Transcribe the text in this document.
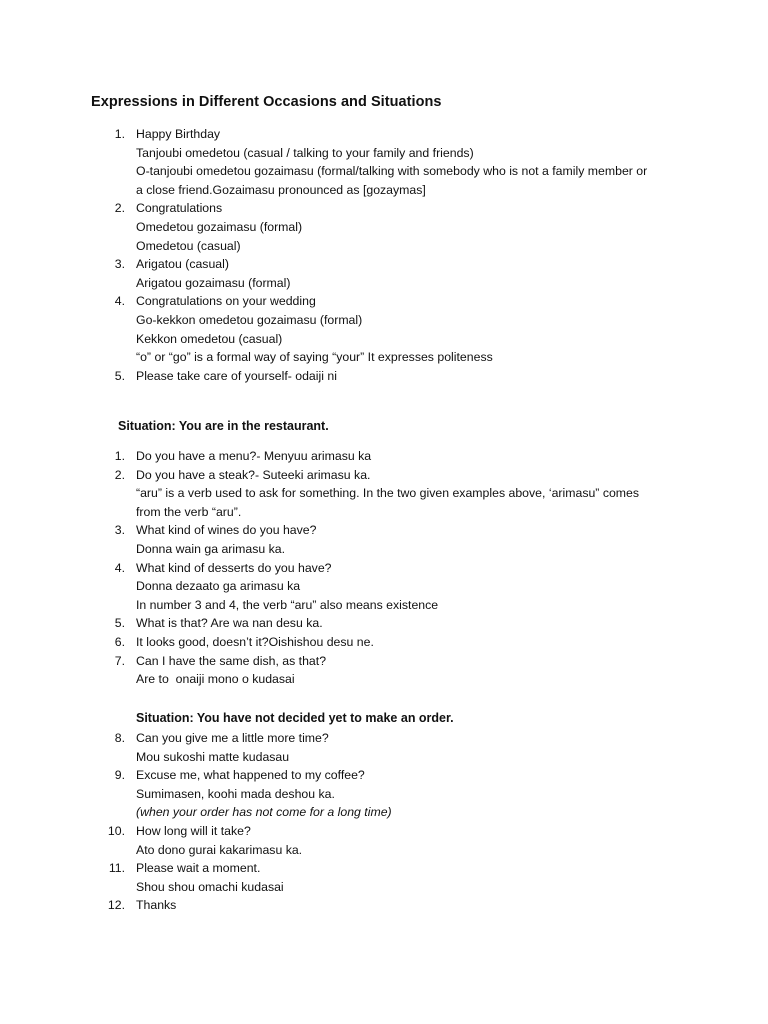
Expressions in Different Occasions and Situations
1. Happy Birthday
Tanjoubi omedetou (casual / talking to your family and friends)
O-tanjoubi omedetou gozaimasu (formal/talking with somebody who is not a family member or
a close friend.Gozaimasu pronounced as [gozaymas]
2. Congratulations
Omedetou gozaimasu (formal)
Omedetou (casual)
3. Arigatou (casual)
Arigatou gozaimasu (formal)
4. Congratulations on your wedding
Go-kekkon omedetou gozaimasu (formal)
Kekkon omedetou (casual)
“o” or “go” is a formal way of saying “your” It expresses politeness
5. Please take care of yourself- odaiji ni
Situation: You are in the restaurant.
1. Do you have a menu?- Menyuu arimasu ka
2. Do you have a steak?- Suteeki arimasu ka.
“aru” is a verb used to ask for something. In the two given examples above, ‘arimasu” comes
from the verb “aru”.
3. What kind of wines do you have?
Donna wain ga arimasu ka.
4. What kind of desserts do you have?
Donna dezaato ga arimasu ka
In number 3 and 4, the verb “aru” also means existence
5. What is that? Are wa nan desu ka.
6. It looks good, doesn’t it?Oishishou desu ne.
7. Can I have the same dish, as that?
Are to  onaiji mono o kudasai
Situation: You have not decided yet to make an order.
8. Can you give me a little more time?
Mou sukoshi matte kudasau
9. Excuse me, what happened to my coffee?
Sumimasen, koohi mada deshou ka.
(when your order has not come for a long time)
10. How long will it take?
Ato dono gurai kakarimasu ka.
11. Please wait a moment.
Shou shou omachi kudasai
12. Thanks
